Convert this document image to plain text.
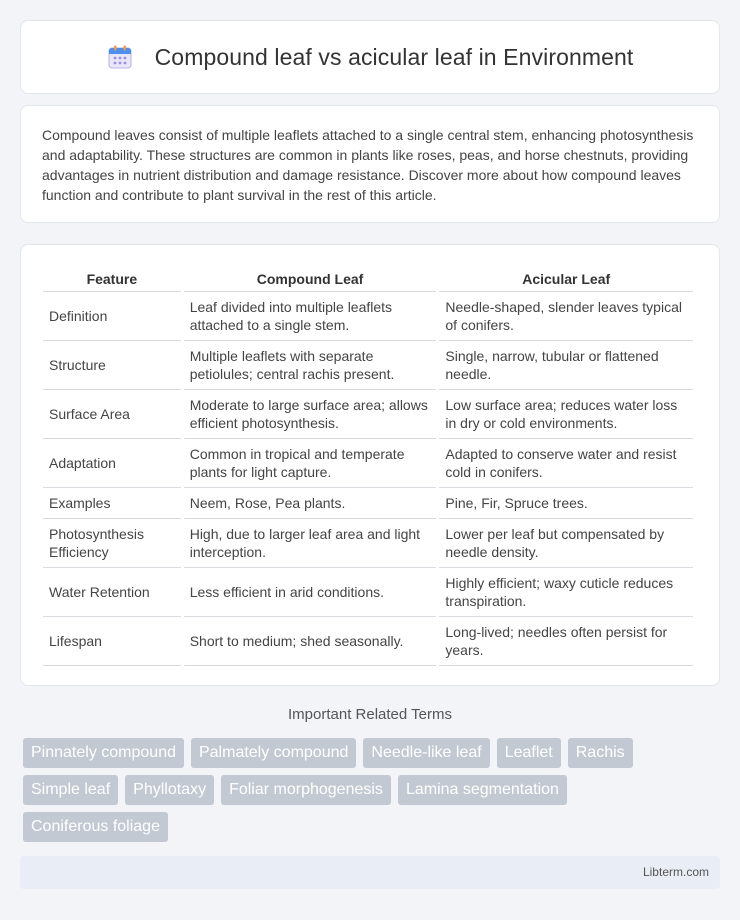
Compound leaf vs acicular leaf in Environment

Compound leaves consist of multiple leaflets attached to a single central stem, enhancing photosynthesis and adaptability. These structures are common in plants like roses, peas, and horse chestnuts, providing advantages in nutrient distribution and damage resistance. Discover more about how compound leaves function and contribute to plant survival in the rest of this article.

Feature	Compound Leaf	Acicular Leaf
Definition	Leaf divided into multiple leaflets attached to a single stem.	Needle-shaped, slender leaves typical of conifers.
Structure	Multiple leaflets with separate petiolules; central rachis present.	Single, narrow, tubular or flattened needle.
Surface Area	Moderate to large surface area; allows efficient photosynthesis.	Low surface area; reduces water loss in dry or cold environments.
Adaptation	Common in tropical and temperate plants for light capture.	Adapted to conserve water and resist cold in conifers.
Examples	Neem, Rose, Pea plants.	Pine, Fir, Spruce trees.
Photosynthesis Efficiency	High, due to larger leaf area and light interception.	Lower per leaf but compensated by needle density.
Water Retention	Less efficient in arid conditions.	Highly efficient; waxy cuticle reduces transpiration.
Lifespan	Short to medium; shed seasonally.	Long-lived; needles often persist for years.
Important Related Terms
Pinnately compound	Palmately compound	Needle-like leaf	Leaflet	Rachis
Simple leaf	Phyllotaxy	Foliar morphogenesis	Lamina segmentation
Coniferous foliage
Libterm.com
